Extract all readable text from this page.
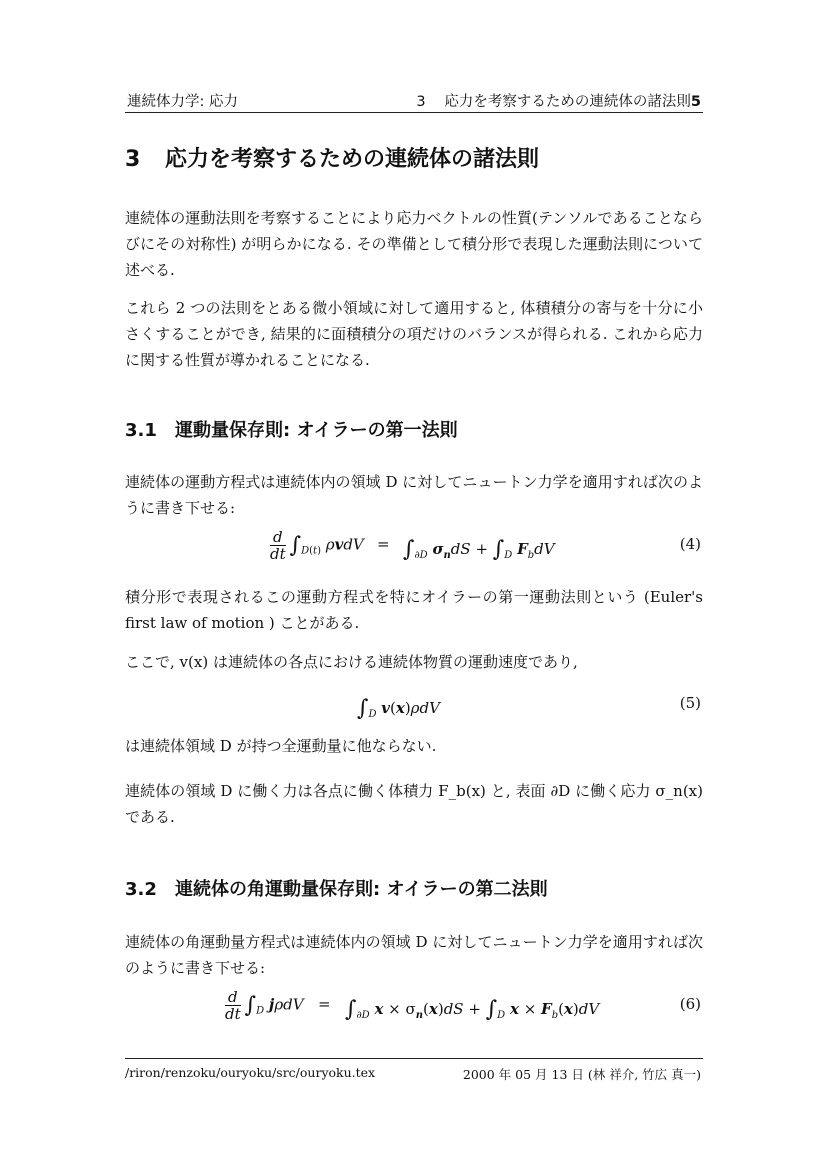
連続体力学: 応力	3 応力を考察するための連続体の諸法則5
3 応力を考察するための連続体の諸法則

連続体の運動法則を考察することにより応力ベクトルの性質(テンソルであることならびにその対称性) が明らかになる. その準備として積分形で表現した運動法則について述べる.

これら 2 つの法則をとある微小領域に対して適用すると, 体積積分の寄与を十分に小さくすることができ, 結果的に面積積分の項だけのバランスが得られる. これから応力に関する性質が導かれることになる.

3.1 運動量保存則: オイラーの第一法則

連続体の運動方程式は連続体内の領域 D に対してニュートン力学を適用すれば次のように書き下せる:

$\frac{d}{dt} \int_{D(t)}$ $\rho vdV = \int_{\partial D}$ $\sigma_ndS + \int_D$ $F_bdV$	(4)

積分形で表現されるこの運動方程式を特にオイラーの第一運動法則という (Euler's first law of motion ) ことがある.

ここで, v(x) は連続体の各点における連続体物質の運動速度であり,

$\int_D$ v(x)ρdV	(5)

は連続体領域 D が持つ全運動量に他ならない.

連続体の領域 D に働く力は各点に働く体積力 F_b(x) と, 表面 ∂D に働く応力 σ_n(x) である.

3.2 連続体の角運動量保存則: オイラーの第二法則

連続体の角運動量方程式は連続体内の領域 D に対してニュートン力学を適用すれば次のように書き下せる:

$\frac{d}{dt} \int_D$ $j\rho dV = \int_{\partial D}$ $x \times \sigma_n(x)dS + \int_D$ $x \times F_b(x)dV$	(6)
/riron/renzoku/ouryoku/src/ouryoku.tex	2000 年 05 月 13 日 (林 祥介, 竹広 真一)
